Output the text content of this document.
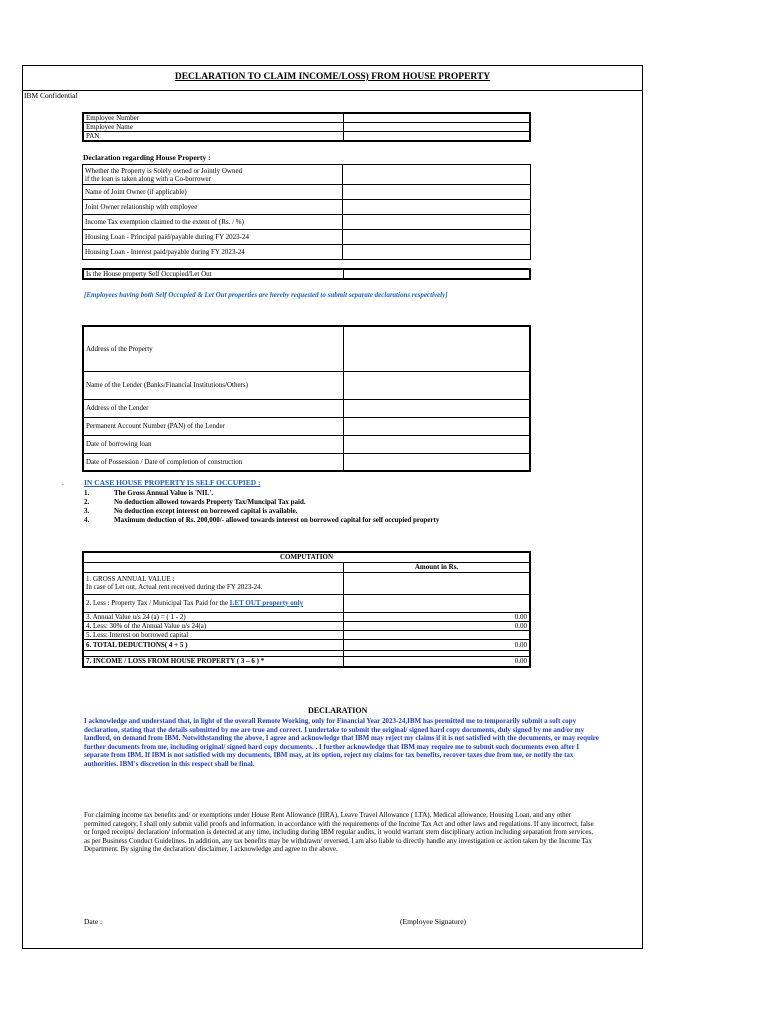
DECLARATION TO CLAIM INCOME/LOSS) FROM HOUSE PROPERTY
IBM Confidential
Employee Number	
Employee Name	
PAN	
Declaration regarding House Property :
Whether the Property is Solely owned or Jointly Owned
if the loan is taken along with a Co-borrower	

Name of Joint Owner (if applicable)	
Joint Owner relationship with employee	
Income Tax exemption claimed to the extent of (Rs. / %)	
Housing Loan - Principal paid/payable during FY 2023-24	
Housing Loan - Interest paid/payable during FY 2023-24	
Is the House property Self Occupied/Let Out	
[Employees having both Self Occupied & Let Out properties are hereby requested to submit separate declarations respectively]
Address of the Property	
Name of the Lender (Banks/Financial Institutions/Others)	
Address of the Lender	
Permanent Account Number (PAN) of the Lender	
Date of borrowing loan	
Date of Possession / Date of completion of construction	
.	IN CASE HOUSE PROPERTY IS SELF OCCUPIED :
1.	The Gross Annual Value is 'NIL'.
2.	No deduction allowed towards Property Tax/Muncipal Tax paid.
3.	No deduction except interest on borrowed capital is available.
4.	Maximum deduction of Rs. 200,000/- allowed towards interest on borrowed capital for self occupied property
COMPUTATION	
	Amount in Rs.

1. GROSS ANNUAL VALUE :
In case of Let out, Actual rent received during the FY 2023-24.	

2. Less : Property Tax / Municipal Tax Paid for the LET OUT property only	
3. Annual Value u/s 24 (a) = ( 1 - 2)	0.00
4. Less: 30% of the Annual Value u/s 24(a)	0.00
5. Less: Interest on borrowed capital	
6. TOTAL DEDUCTIONS( 4 + 5 )	0.00

7. INCOME / LOSS FROM HOUSE PROPERTY ( 3 – 6 ) *	0.00
DECLARATION
I acknowledge and understand that, in light of the overall Remote Working, only for Financial Year 2023-24,IBM has permitted me to temporarily submit a soft copy declaration, stating that the details submitted by me are true and correct. I undertake to submit the original/ signed hard copy documents, duly signed by me and/or my landlord, on demand from IBM. Notwithstanding the above, I agree and acknowledge that IBM may reject my claims if it is not satisfied with the documents, or may require further documents from me, including original/ signed hard copy documents. . I further acknowledge that IBM may require me to submit such documents even after I separate from IBM. If IBM is not satisfied with my documents, IBM may, at its option, reject my claims for tax benefits, recover taxes due from me, or notify the tax authorities. IBM's discretion in this respect shall be final.
For claiming income tax benefits and/ or exemptions under House Rent Allowance (HRA), Leave Travel Allowance ( LTA), Medical allowance, Housing Loan, and any other permitted category, I shall only submit valid proofs and information, in accordance with the requirements of the Income Tax Act and other laws and regulations. If any incorrect, false or forged receipts/ declaration/ information is detected at any time, including during IBM regular audits, it would warrant stern disciplinary action including separation from services, as per Business Conduct Guidelines. In addition, any tax benefits may be withdrawn/ reversed. I am also liable to directly handle any investigation or action taken by the Income Tax Department. By signing the declaration/ disclaimer, I acknowledge and agree to the above.
Date :	(Employee Signature)
